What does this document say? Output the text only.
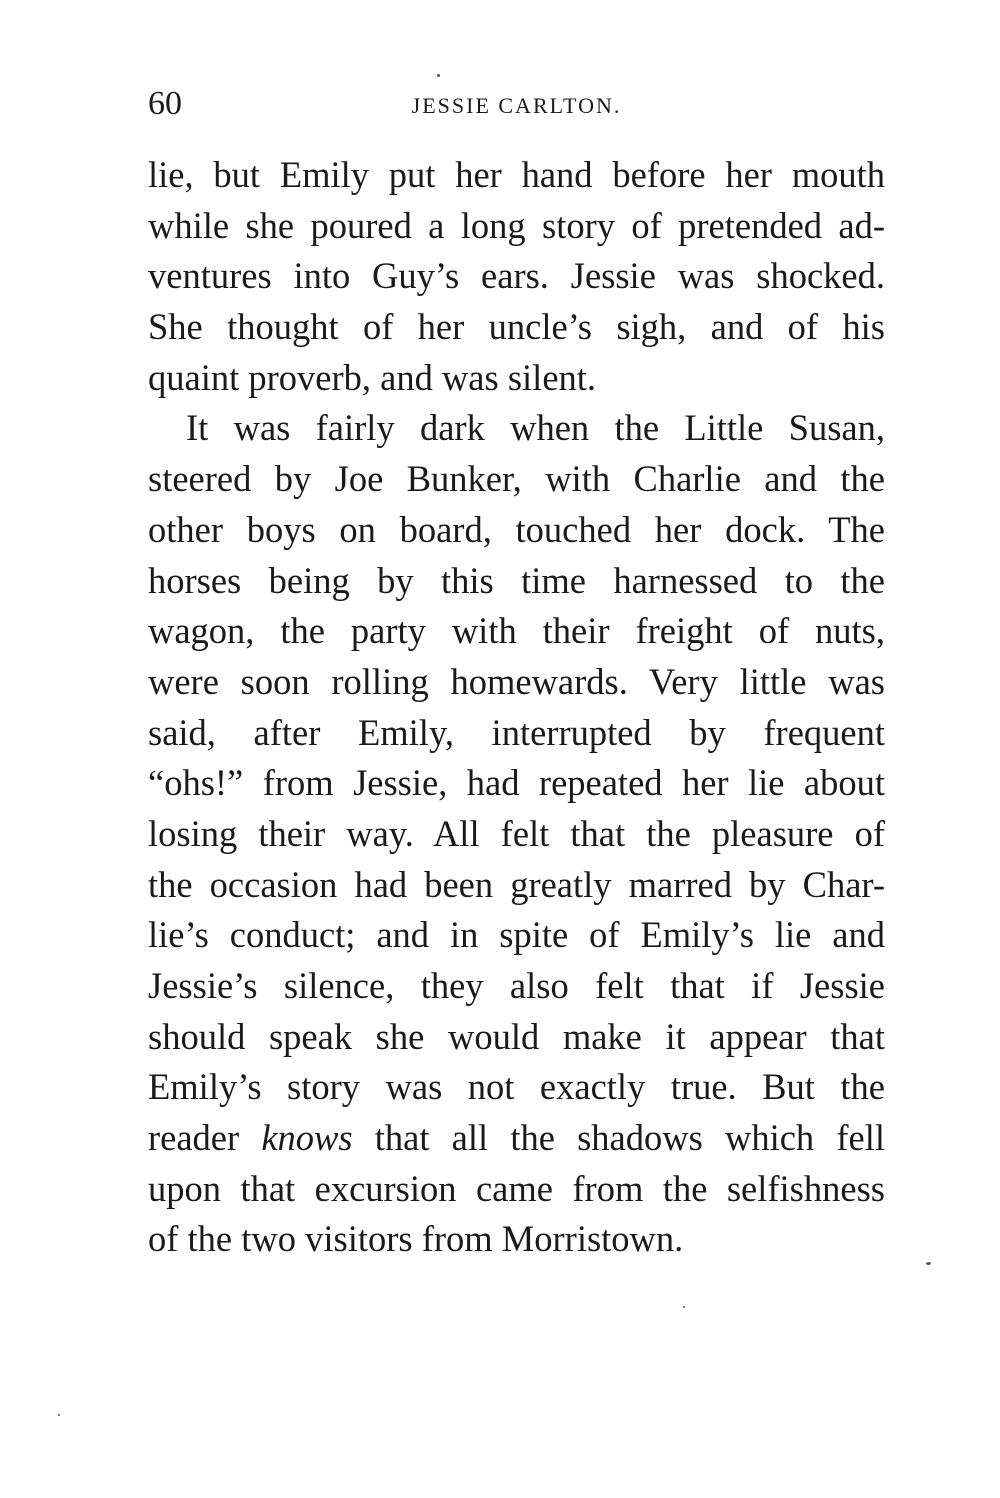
60	JESSIE CARLTON.
lie, but Emily put her hand before her mouth
while she poured a long story of pretended ad-
ventures into Guy’s ears. Jessie was shocked.
She thought of her uncle’s sigh, and of his
quaint proverb, and was silent.
It was fairly dark when the Little Susan,
steered by Joe Bunker, with Charlie and the
other boys on board, touched her dock. The
horses being by this time harnessed to the
wagon, the party with their freight of nuts,
were soon rolling homewards. Very little was
said, after Emily, interrupted by frequent
“ohs!” from Jessie, had repeated her lie about
losing their way. All felt that the pleasure of
the occasion had been greatly marred by Char-
lie’s conduct; and in spite of Emily’s lie and
Jessie’s silence, they also felt that if Jessie
should speak she would make it appear that
Emily’s story was not exactly true. But the
reader knows that all the shadows which fell
upon that excursion came from the selfishness
of the two visitors from Morristown.
